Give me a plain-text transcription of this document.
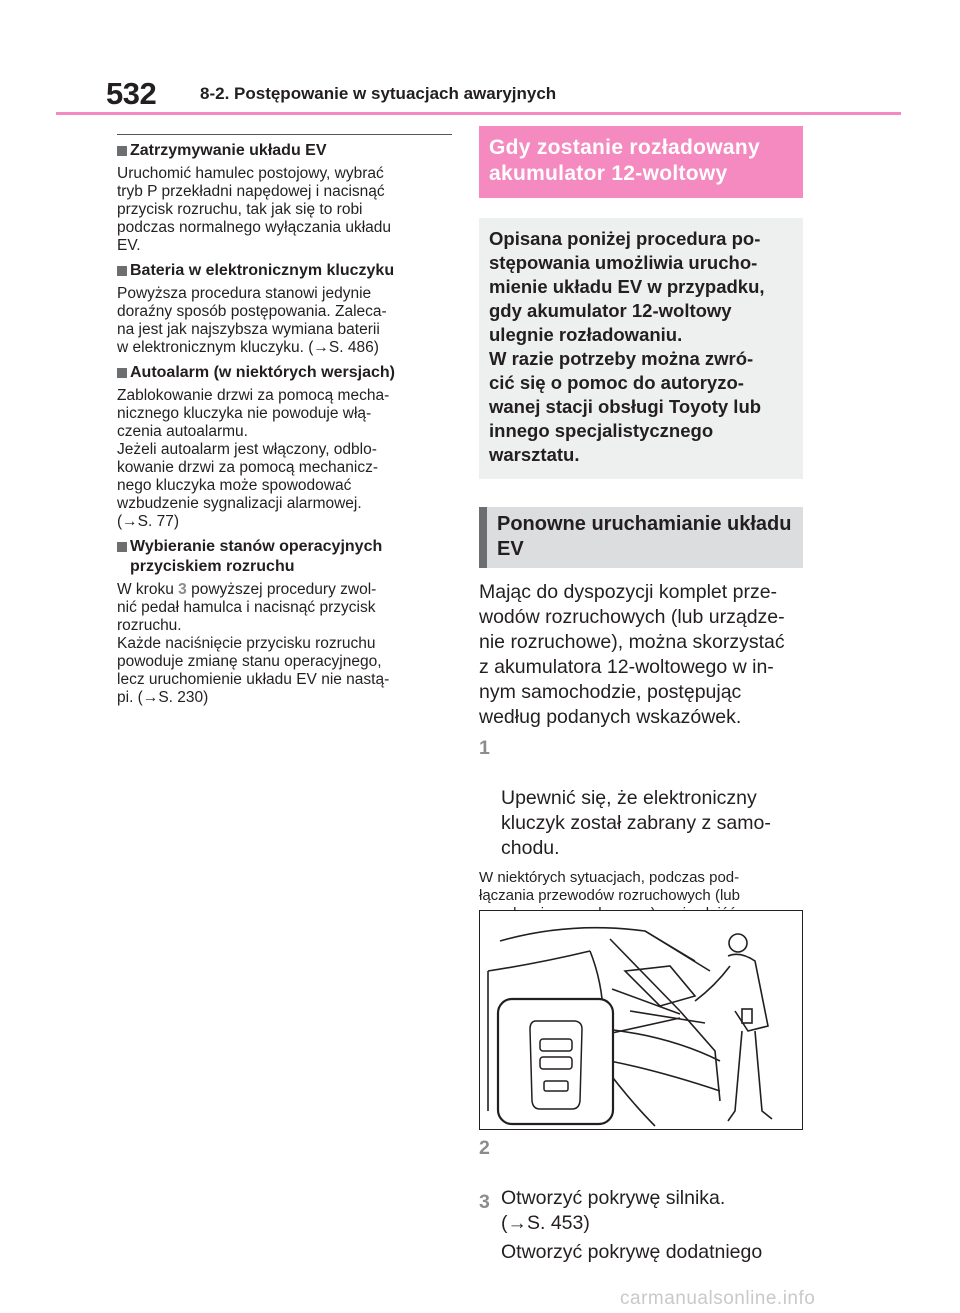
532	8-2. Postępowanie w sytuacjach awaryjnych
Zatrzymywanie układu EV

Uruchomić hamulec postojowy, wybrać
tryb P przekładni napędowej i nacisnąć
przycisk rozruchu, tak jak się to robi
podczas normalnego wyłączania układu
EV.

Bateria w elektronicznym kluczyku

Powyższa procedura stanowi jedynie
doraźny sposób postępowania. Zaleca-
na jest jak najszybsza wymiana baterii
w elektronicznym kluczyku. (→S. 486)

Autoalarm (w niektórych wersjach)

Zablokowanie drzwi za pomocą mecha-
nicznego kluczyka nie powoduje włą-
czenia autoalarmu.
Jeżeli autoalarm jest włączony, odblo-
kowanie drzwi za pomocą mechanicz-
nego kluczyka może spowodować
wzbudzenie sygnalizacji alarmowej.
(→S. 77)

Wybieranie stanów operacyjnych
przyciskiem rozruchu

W kroku 3 powyższej procedury zwol-
nić pedał hamulca i nacisnąć przycisk
rozruchu.
Każde naciśnięcie przycisku rozruchu
powoduje zmianę stanu operacyjnego,
lecz uruchomienie układu EV nie nastą-
pi. (→S. 230)

Gdy zostanie rozładowany akumulator 12-woltowy
Opisana poniżej procedura po-
stępowania umożliwia urucho-
mienie układu EV w przypadku,
gdy akumulator 12-woltowy
ulegnie rozładowaniu.
W razie potrzeby można zwró-
cić się o pomoc do autoryzo-
wanej stacji obsługi Toyoty lub
innego specjalistycznego
warsztatu.
Ponowne uruchamianie układu EV

Mając do dyspozycji komplet prze-
wodów rozruchowych (lub urządze-
nie rozruchowe), można skorzystać
z akumulatora 12-woltowego w in-
nym samochodzie, postępując
według podanych wskazówek.

1

Upewnić się, że elektroniczny
kluczyk został zabrany z samo-
chodu.

W niektórych sytuacjach, podczas pod-
łączania przewodów rozruchowych (lub

2

Otworzyć pokrywę silnika.
(→S. 453)

3

Otworzyć pokrywę dodatniego

carmanualsonline.info
